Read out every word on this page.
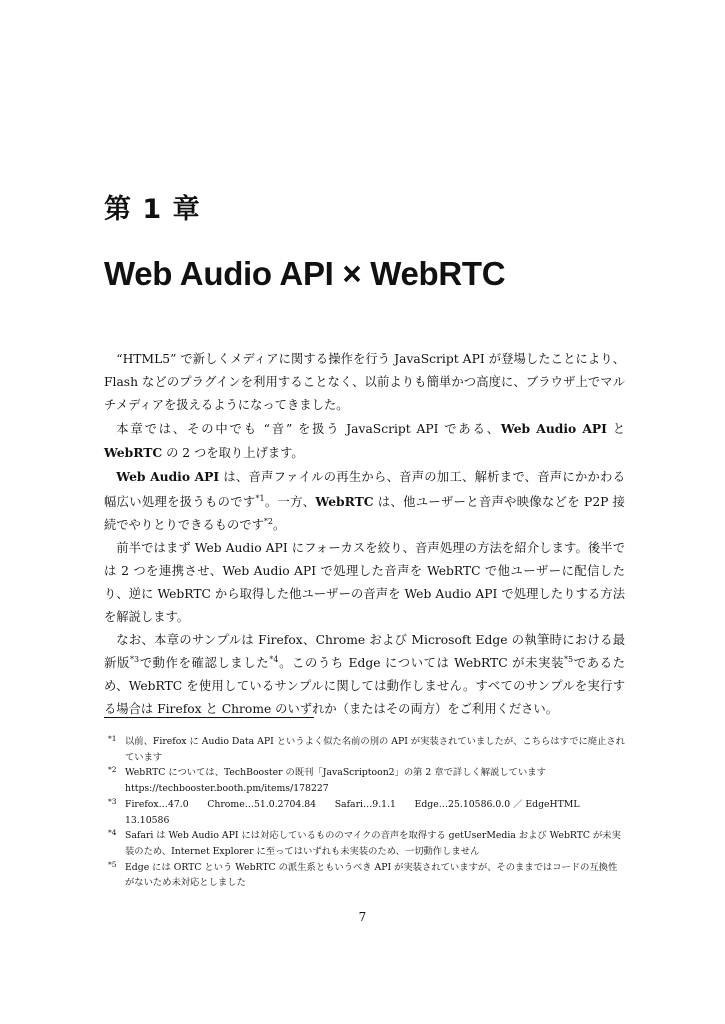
第 1 章
Web Audio API × WebRTC

“HTML5” で新しくメディアに関する操作を行う JavaScript API が登場したことにより、Flash などのプラグインを利用することなく、以前よりも簡単かつ高度に、ブラウザ上でマルチメディアを扱えるようになってきました。

本章では、その中でも “音” を扱う JavaScript API である、Web Audio API と WebRTC の 2 つを取り上げます。

Web Audio API は、音声ファイルの再生から、音声の加工、解析まで、音声にかかわる幅広い処理を扱うものです$^{*1}$。一方、WebRTC は、他ユーザーと音声や映像などを P2P 接続でやりとりできるものです$^{*2}$。

前半ではまず Web Audio API にフォーカスを絞り、音声処理の方法を紹介します。後半では 2 つを連携させ、Web Audio API で処理した音声を WebRTC で他ユーザーに配信したり、逆に WebRTC から取得した他ユーザーの音声を Web Audio API で処理したりする方法を解説します。

なお、本章のサンプルは Firefox、Chrome および Microsoft Edge の執筆時における最新版$^{*3}$で動作を確認しました$^{*4}$。このうち Edge については WebRTC が未実装$^{*5}$であるため、WebRTC を使用しているサンプルに関しては動作しません。すべてのサンプルを実行する場合は Firefox と Chrome のいずれか（またはその両方）をご利用ください。

*1 以前、Firefox に Audio Data API というよく似た名前の別の API が実装されていましたが、こちらはすでに廃止されています
*2 WebRTC については、TechBooster の既刊「JavaScriptoon2」の第 2 章で詳しく解説しています https://techbooster.booth.pm/items/178227
*3 Firefox…47.0　　Chrome…51.0.2704.84　　Safari…9.1.1　　Edge…25.10586.0.0 ／ EdgeHTML 13.10586
*4 Safari は Web Audio API には対応しているもののマイクの音声を取得する getUserMedia および WebRTC が未実装のため、Internet Explorer に至ってはいずれも未実装のため、一切動作しません
*5 Edge には ORTC という WebRTC の派生系ともいうべき API が実装されていますが、そのままではコードの互換性がないため未対応としました

7
